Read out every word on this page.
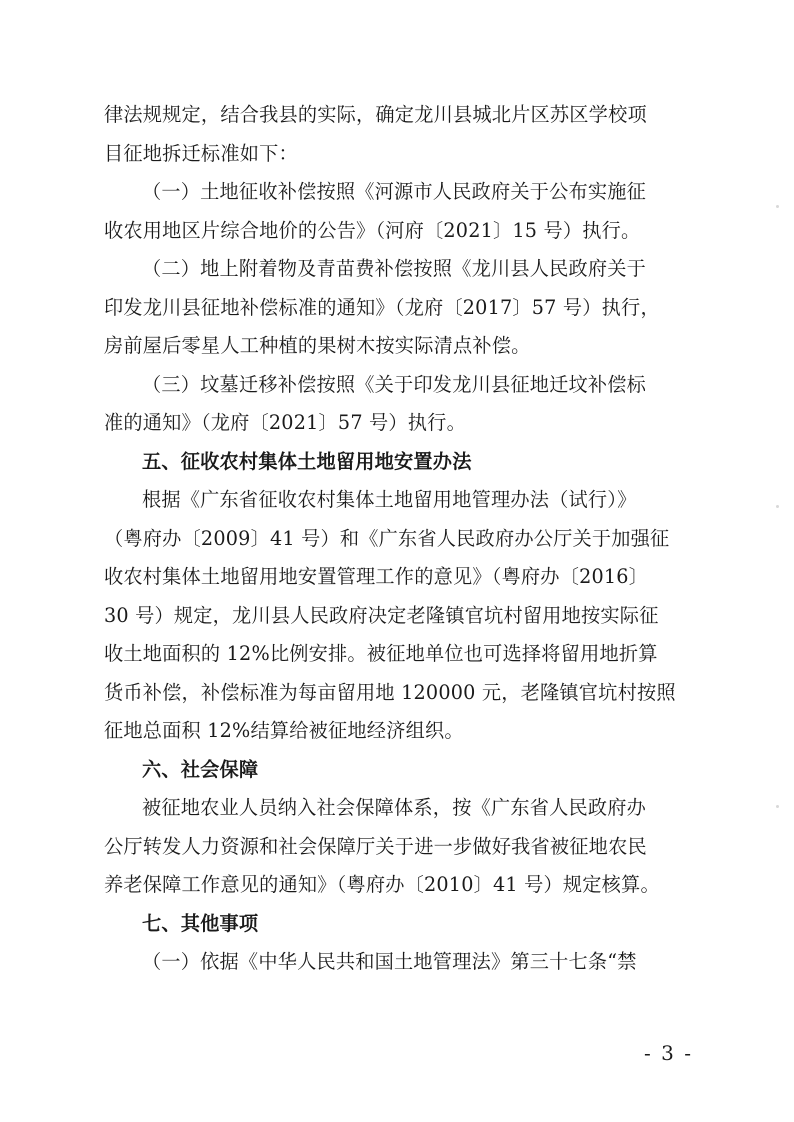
律法规规定，结合我县的实际，确定龙川县城北片区苏区学校项
目征地拆迁标准如下：
（一）土地征收补偿按照《河源市人民政府关于公布实施征
收农用地区片综合地价的公告》（河府〔2021〕15 号）执行。
（二）地上附着物及青苗费补偿按照《龙川县人民政府关于
印发龙川县征地补偿标准的通知》（龙府〔2017〕57 号）执行，
房前屋后零星人工种植的果树木按实际清点补偿。
（三）坟墓迁移补偿按照《关于印发龙川县征地迁坟补偿标
准的通知》（龙府〔2021〕57 号）执行。
五、征收农村集体土地留用地安置办法
根据《广东省征收农村集体土地留用地管理办法（试行）》
（粤府办〔2009〕41 号）和《广东省人民政府办公厅关于加强征
收农村集体土地留用地安置管理工作的意见》（粤府办〔2016〕
30 号）规定，龙川县人民政府决定老隆镇官坑村留用地按实际征
收土地面积的 12%比例安排。被征地单位也可选择将留用地折算
货币补偿，补偿标准为每亩留用地 120000 元，老隆镇官坑村按照
征地总面积 12%结算给被征地经济组织。
六、社会保障
被征地农业人员纳入社会保障体系，按《广东省人民政府办
公厅转发人力资源和社会保障厅关于进一步做好我省被征地农民
养老保障工作意见的通知》（粤府办〔2010〕41 号）规定核算。
七、其他事项
（一）依据《中华人民共和国土地管理法》第三十七条“禁
- 3 -
